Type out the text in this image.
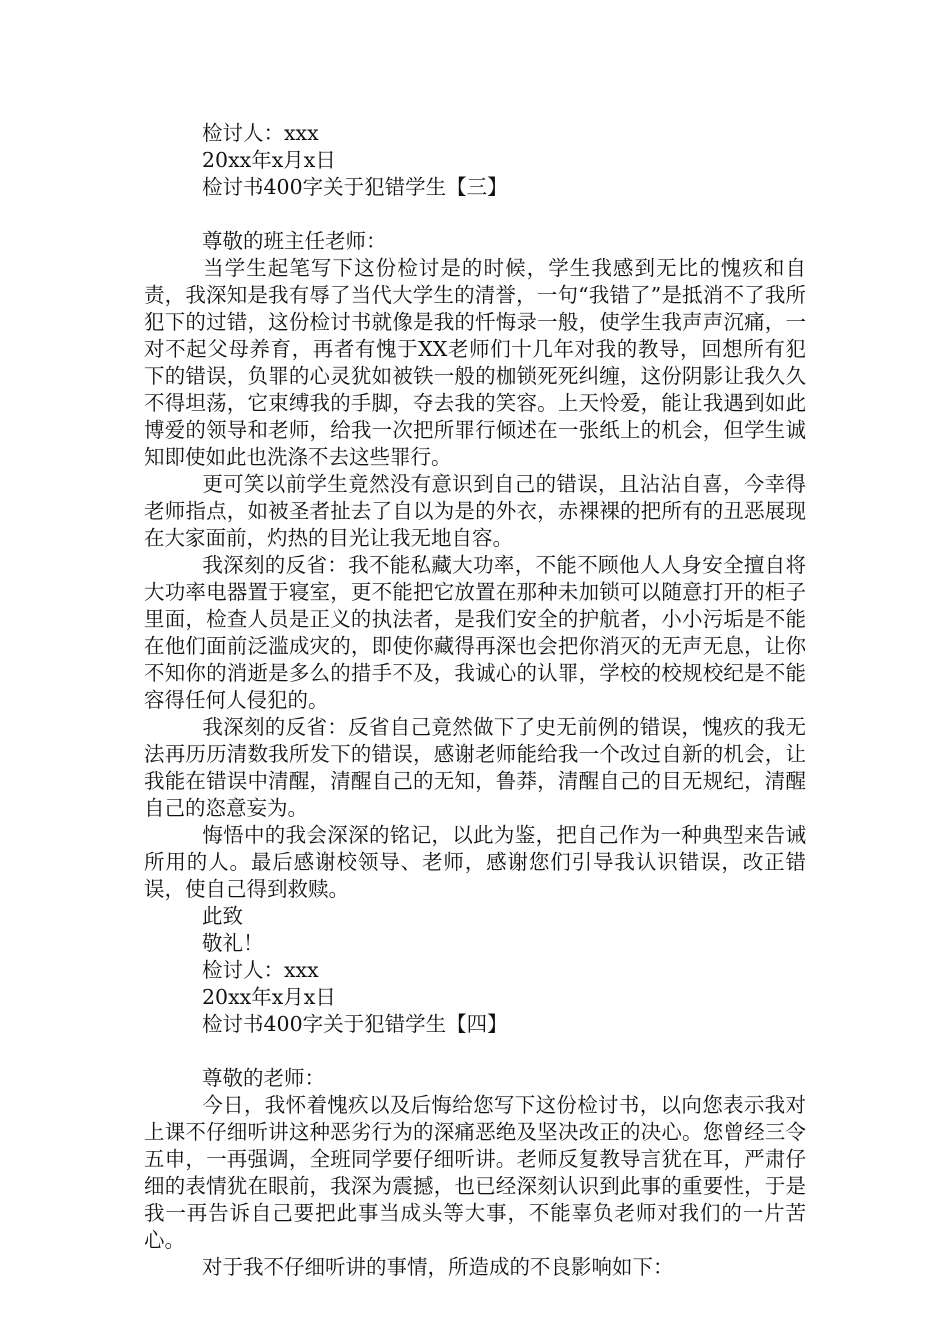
检讨人：xxx

20xx年x月x日

检讨书400字关于犯错学生【三】

尊敬的班主任老师：

当学生起笔写下这份检讨是的时候，学生我感到无比的愧疚和自责，我深知是我有辱了当代大学生的清誉，一句“我错了”是抵消不了我所犯下的过错，这份检讨书就像是我的忏悔录一般，使学生我声声沉痛，一对不起父母养育，再者有愧于XX老师们十几年对我的教导，回想所有犯下的错误，负罪的心灵犹如被铁一般的枷锁死死纠缠，这份阴影让我久久不得坦荡，它束缚我的手脚，夺去我的笑容。上天怜爱，能让我遇到如此博爱的领导和老师，给我一次把所罪行倾述在一张纸上的机会，但学生诚知即使如此也洗涤不去这些罪行。

更可笑以前学生竟然没有意识到自己的错误，且沾沾自喜，今幸得老师指点，如被圣者扯去了自以为是的外衣，赤裸裸的把所有的丑恶展现在大家面前，灼热的目光让我无地自容。

我深刻的反省：我不能私藏大功率，不能不顾他人人身安全擅自将大功率电器置于寝室，更不能把它放置在那种未加锁可以随意打开的柜子里面，检查人员是正义的执法者，是我们安全的护航者，小小污垢是不能在他们面前泛滥成灾的，即使你藏得再深也会把你消灭的无声无息，让你不知你的消逝是多么的措手不及，我诚心的认罪，学校的校规校纪是不能容得任何人侵犯的。

我深刻的反省：反省自己竟然做下了史无前例的错误，愧疚的我无法再历历清数我所发下的错误，感谢老师能给我一个改过自新的机会，让我能在错误中清醒，清醒自己的无知，鲁莽，清醒自己的目无规纪，清醒自己的恣意妄为。

悔悟中的我会深深的铭记，以此为鉴，把自己作为一种典型来告诫所用的人。最后感谢校领导、老师，感谢您们引导我认识错误，改正错误，使自己得到救赎。

此致

敬礼！

检讨人：xxx

20xx年x月x日

检讨书400字关于犯错学生【四】

尊敬的老师：

今日，我怀着愧疚以及后悔给您写下这份检讨书，以向您表示我对上课不仔细听讲这种恶劣行为的深痛恶绝及坚决改正的决心。您曾经三令五申，一再强调，全班同学要仔细听讲。老师反复教导言犹在耳，严肃仔细的表情犹在眼前，我深为震撼，也已经深刻认识到此事的重要性，于是我一再告诉自己要把此事当成头等大事，不能辜负老师对我们的一片苦心。

对于我不仔细听讲的事情，所造成的不良影响如下：
